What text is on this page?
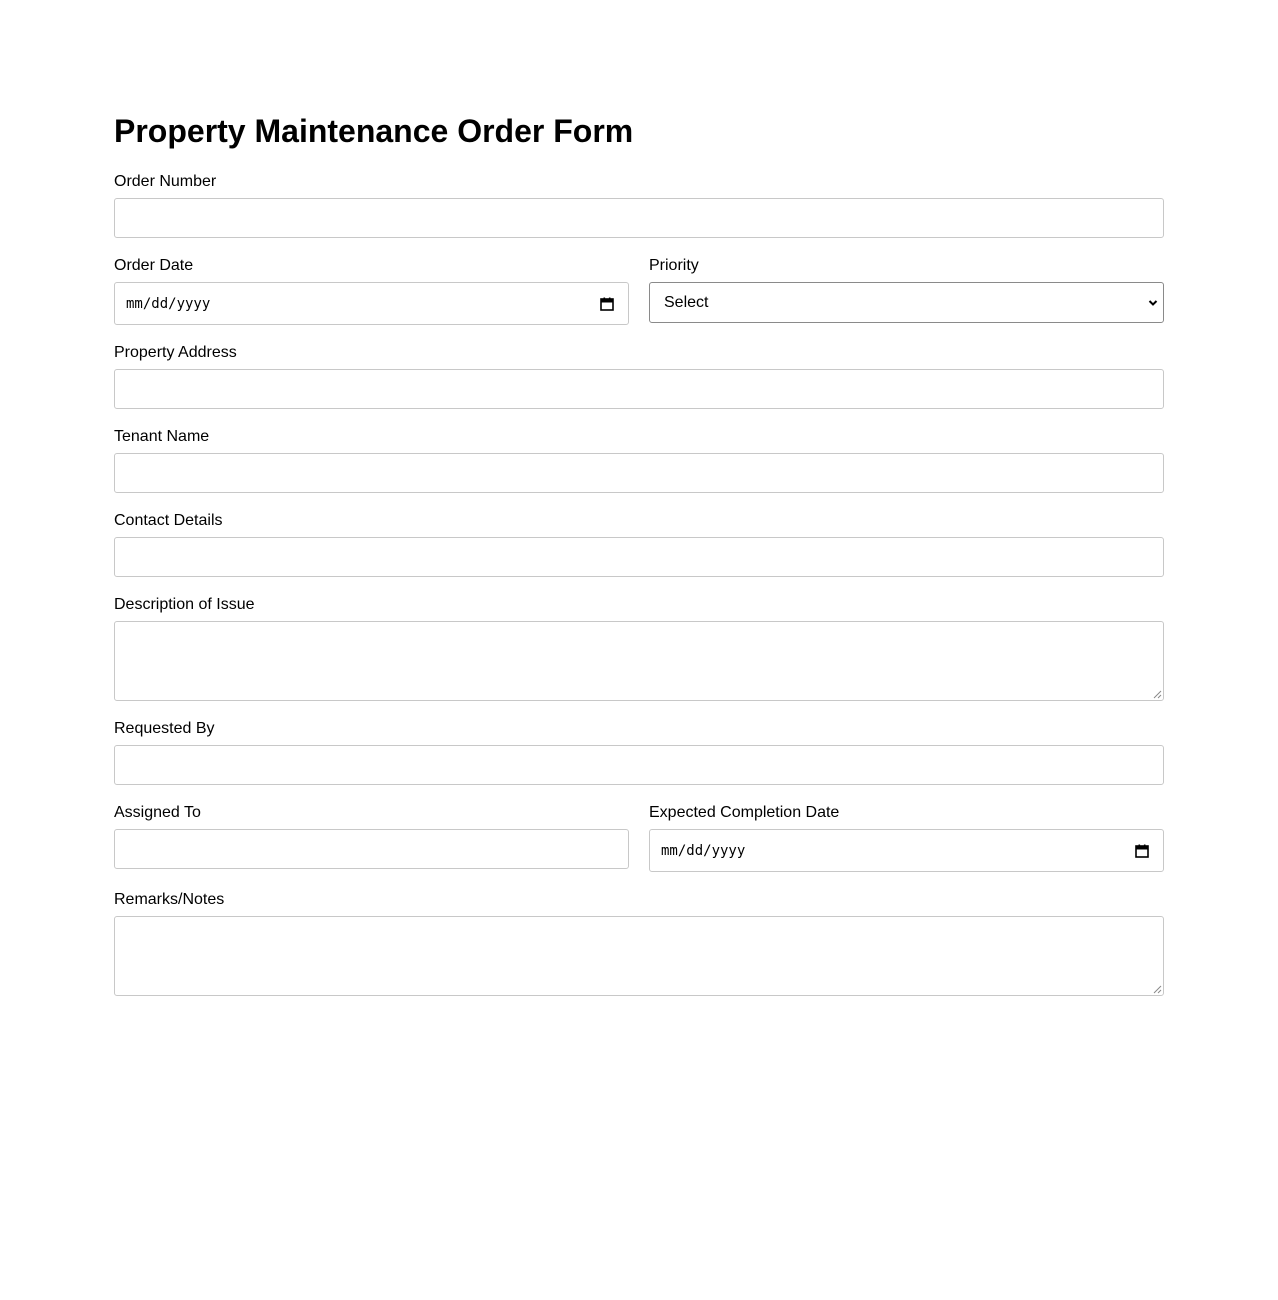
Property Maintenance Order Form
Order Number
Order Date
mm/dd/yyyy
Priority
Select
Property Address
Tenant Name
Contact Details
Description of Issue
Requested By
Assigned To	Expected Completion Date
mm/dd/yyyy
Remarks/Notes
